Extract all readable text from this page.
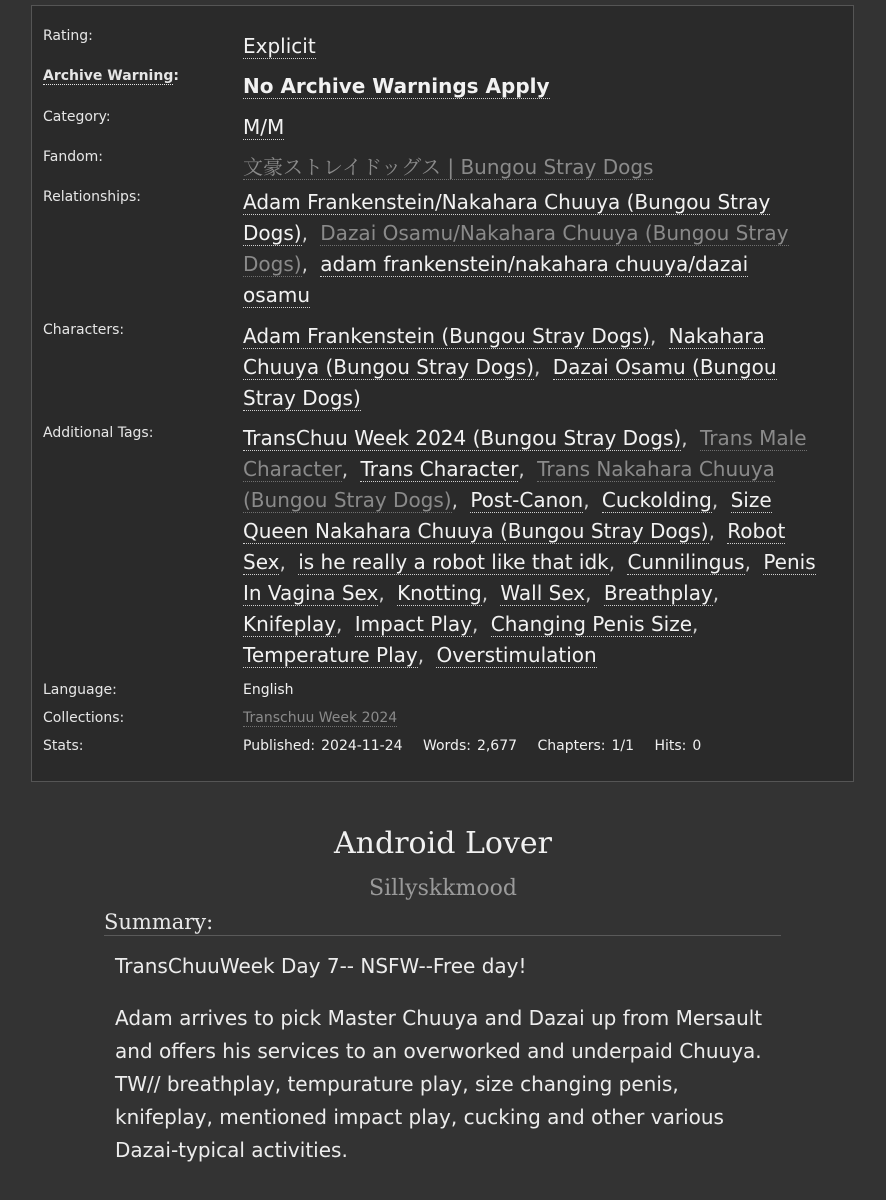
Rating:	Explicit
Archive Warning:	No Archive Warnings Apply
Category:	M/M
Fandom:	文豪ストレイドッグス | Bungou Stray Dogs
Relationships:	Adam Frankenstein/Nakahara Chuuya (Bungou Stray Dogs), Dazai Osamu/Nakahara Chuuya (Bungou Stray Dogs), adam frankenstein/nakahara chuuya/dazai osamu
Characters:	Adam Frankenstein (Bungou Stray Dogs), Nakahara Chuuya (Bungou Stray Dogs), Dazai Osamu (Bungou Stray Dogs)
Additional Tags:	TransChuu Week 2024 (Bungou Stray Dogs), Trans Male Character, Trans Character, Trans Nakahara Chuuya (Bungou Stray Dogs), Post-Canon, Cuckolding, Size Queen Nakahara Chuuya (Bungou Stray Dogs), Robot Sex, is he really a robot like that idk, Cunnilingus, Penis In Vagina Sex, Knotting, Wall Sex, Breathplay, Knifeplay, Impact Play, Changing Penis Size, Temperature Play, Overstimulation
Language:	English
Collections:	Transchuu Week 2024
Stats:	Published: 2024-11-24 Words: 2,677 Chapters: 1/1 Hits: 0
Android Lover
Sillyskkmood
Summary:

TransChuuWeek Day 7-- NSFW--Free day!

Adam arrives to pick Master Chuuya and Dazai up from Mersault and offers his services to an overworked and underpaid Chuuya. TW// breathplay, tempurature play, size changing penis, knifeplay, mentioned impact play, cucking and other various Dazai-typical activities.
